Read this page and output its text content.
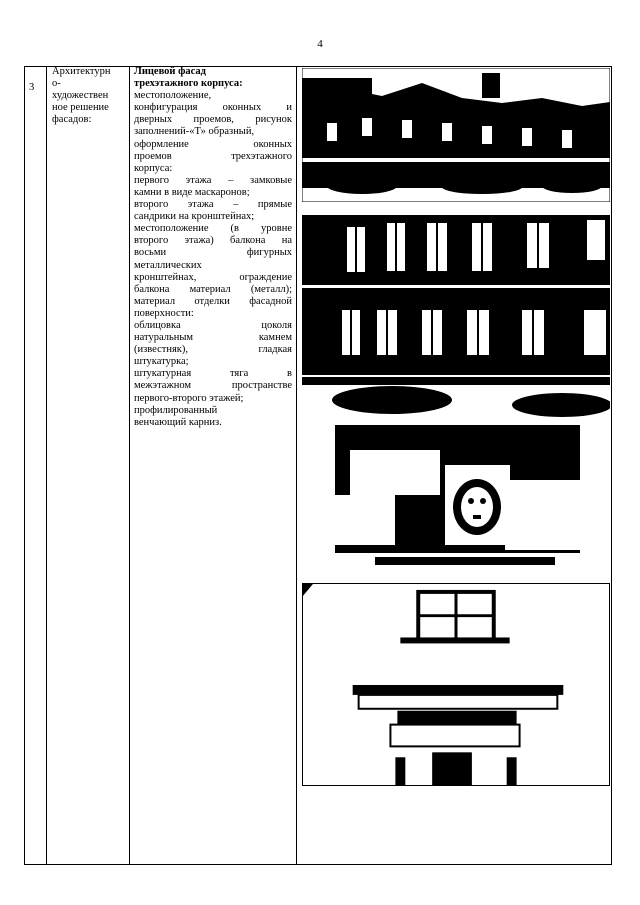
4
3
Архитектурн
о-
художествен
ное решение
фасадов:
Лицевой фасад
трехэтажного корпуса:
местоположение,
конфигурация оконных и
дверных проемов, рисунок
заполнений-«Т» образный,
оформление оконных
проемов трехэтажного
корпуса:
первого этажа – замковые
камни в виде маскаронов;
второго этажа – прямые
сандрики на кронштейнах;
местоположение (в уровне
второго этажа) балкона на
восьми фигурных
металлических
кронштейнах, ограждение
балкона материал (металл);
материал отделки фасадной
поверхности:
облицовка цоколя
натуральным камнем
(известняк), гладкая
штукатурка;
штукатурная тяга в
межэтажном пространстве
первого-второго этажей;
профилированный
венчающий карниз.
